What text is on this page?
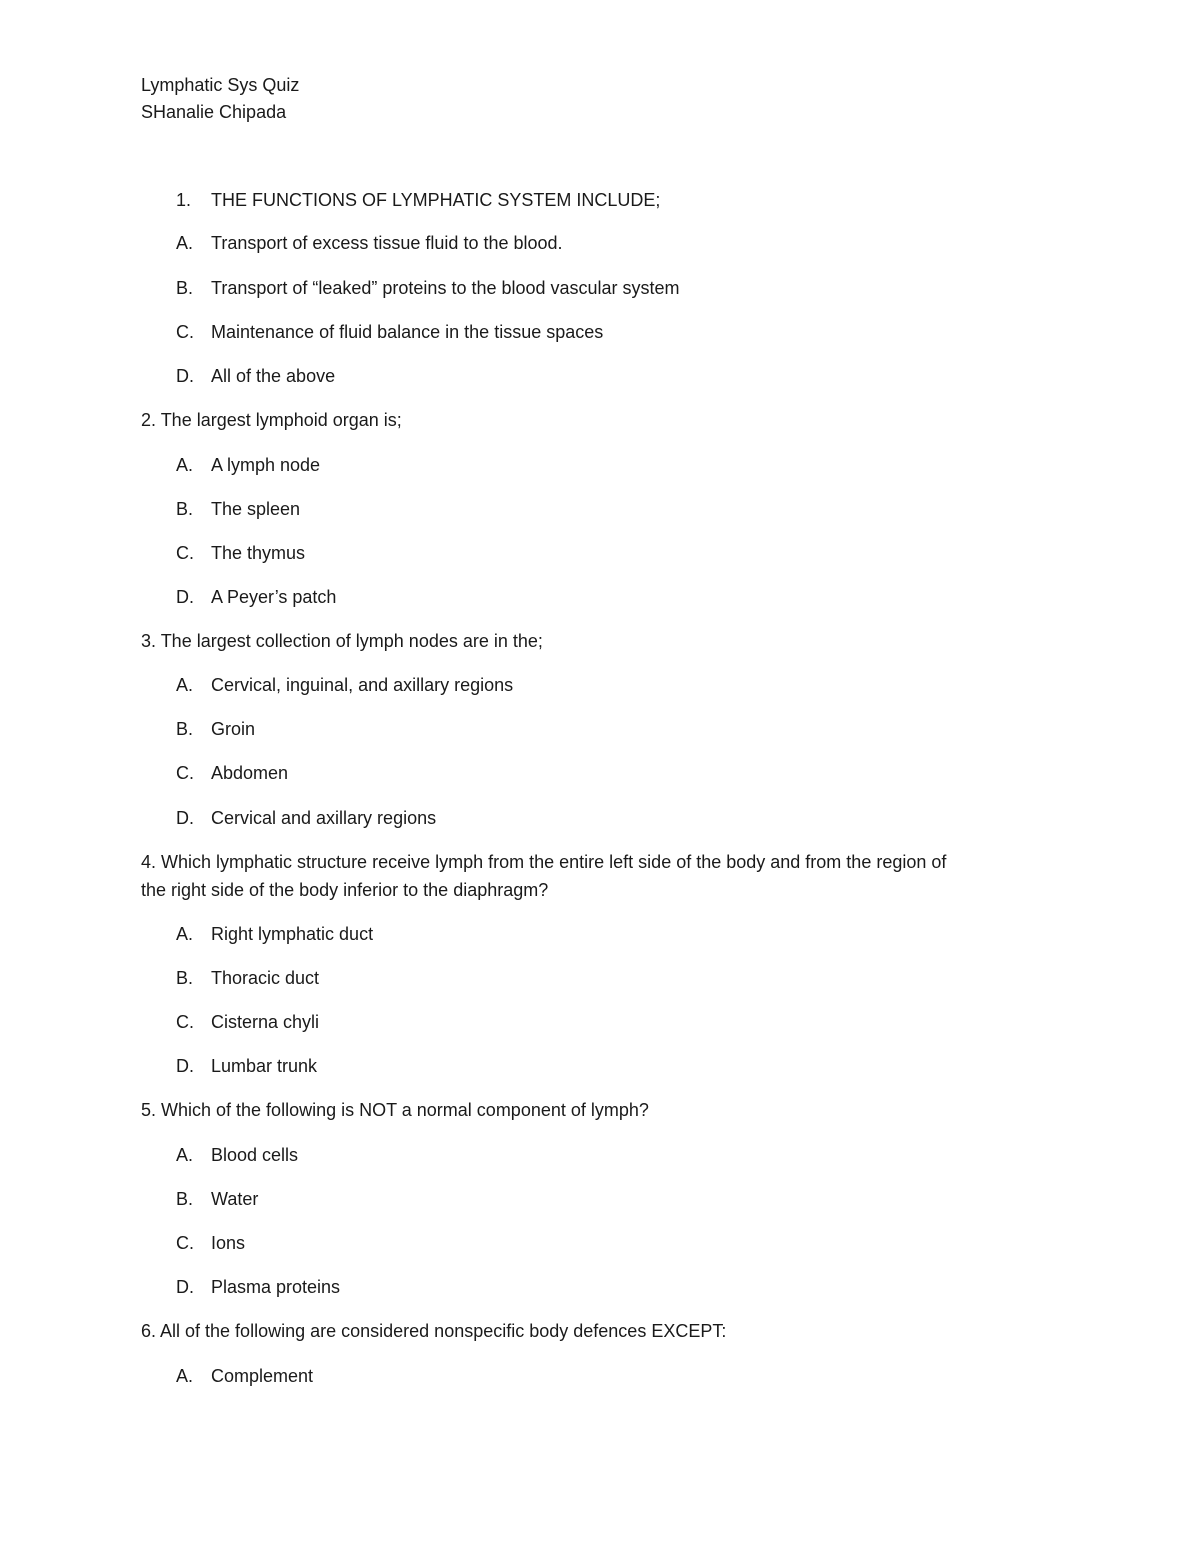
Lymphatic Sys Quiz
SHanalie Chipada
1. THE FUNCTIONS OF LYMPHATIC SYSTEM INCLUDE;
A. Transport of excess tissue fluid to the blood.
B. Transport of “leaked” proteins to the blood vascular system
C. Maintenance of fluid balance in the tissue spaces
D. All of the above
2. The largest lymphoid organ is;
A. A lymph node
B. The spleen
C. The thymus
D. A Peyer’s patch
3. The largest collection of lymph nodes are in the;
A. Cervical, inguinal, and axillary regions
B. Groin
C. Abdomen
D. Cervical and axillary regions
4. Which lymphatic structure receive lymph from the entire left side of the body and from the region of
the right side of the body inferior to the diaphragm?
A. Right lymphatic duct
B. Thoracic duct
C. Cisterna chyli
D. Lumbar trunk
5. Which of the following is NOT a normal component of lymph?
A. Blood cells
B. Water
C. Ions
D. Plasma proteins
6. All of the following are considered nonspecific body defences EXCEPT:
A. Complement
